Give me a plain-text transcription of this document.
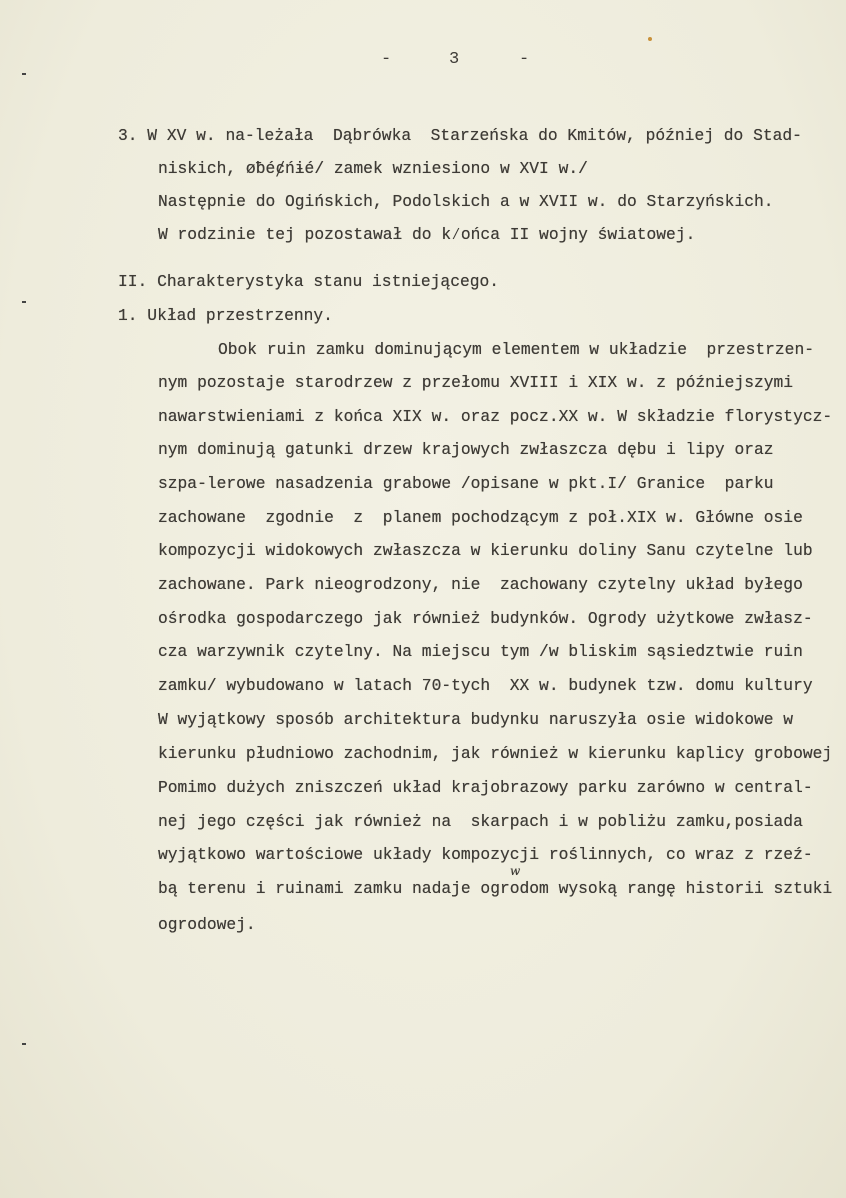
-	3	-
3. W XV w. na-leżała  Dąbrówka  Starzeńska do Kmitów, później do Stad-
niskich, øƀéȼńɨé/ zamek wzniesiono w XVI w./
Następnie do Ogińskich, Podolskich a w XVII w. do Starzyńskich.
W rodzinie tej pozostawał do k⁄ońca II wojny światowej.
II. Charakterystyka stanu istniejącego.
1. Układ przestrzenny.
Obok ruin zamku dominującym elementem w układzie  przestrzen-
nym pozostaje starodrzew z przełomu XVIII i XIX w. z późniejszymi
nawarstwieniami z końca XIX w. oraz pocz.XX w. W składzie florystycz-
nym dominują gatunki drzew krajowych zwłaszcza dębu i lipy oraz
szpa-lerowe nasadzenia grabowe /opisane w pkt.I/ Granice  parku
zachowane  zgodnie  z  planem pochodzącym z poł.XIX w. Główne osie
kompozycji widokowych zwłaszcza w kierunku doliny Sanu czytelne lub
zachowane. Park nieogrodzony, nie  zachowany czytelny układ byłego
ośrodka gospodarczego jak również budynków. Ogrody użytkowe zwłasz-
cza warzywnik czytelny. Na miejscu tym /w bliskim sąsiedztwie ruin
zamku/ wybudowano w latach 70-tych  XX w. budynek tzw. domu kultury
W wyjątkowy sposób architektura budynku naruszyła osie widokowe w
kierunku płudniowo zachodnim, jak również w kierunku kaplicy grobowej
Pomimo dużych zniszczeń układ krajobrazowy parku zarówno w central-
nej jego części jak również na  skarpach i w pobliżu zamku,posiada
wyjątkowo wartościowe układy kompozycji roślinnych, co wraz z rzeź-
bą terenu i ruinami zamku nadaje ogrodom wysoką rangę historii sztuki
ogrodowej.
w
